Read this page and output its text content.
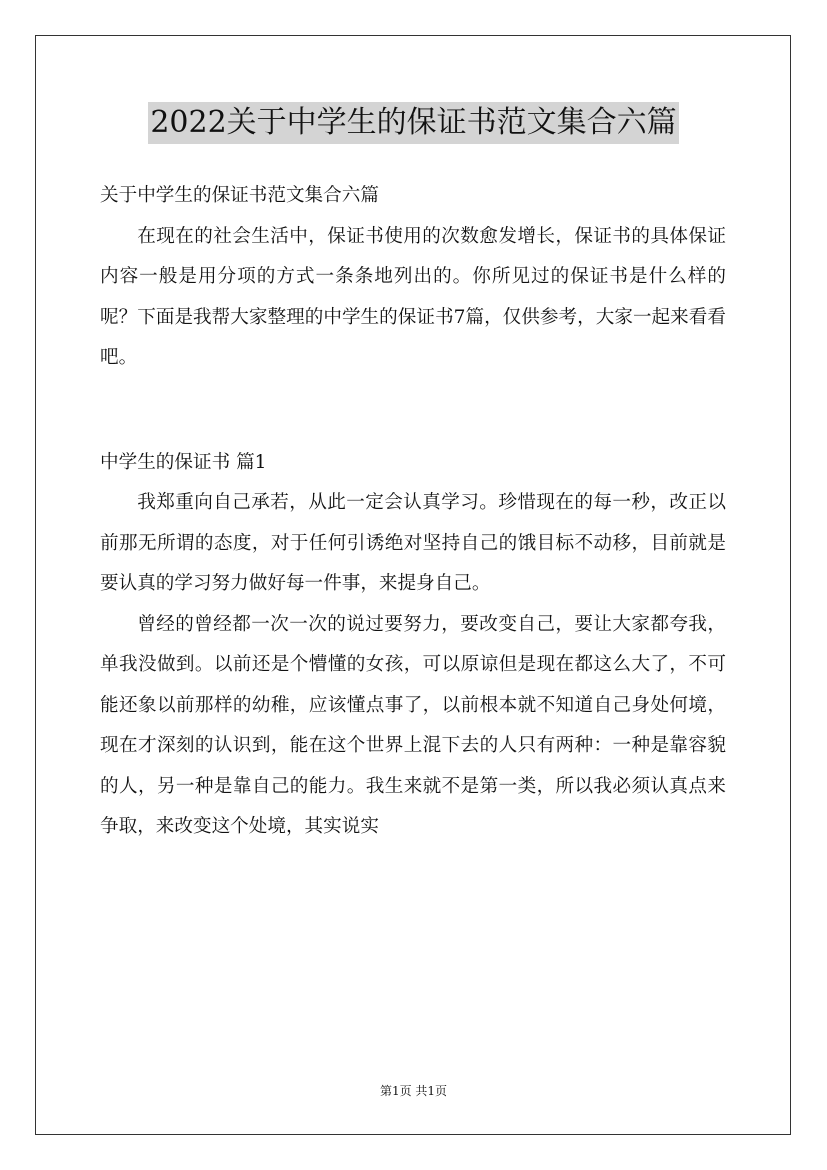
2022关于中学生的保证书范文集合六篇

关于中学生的保证书范文集合六篇

在现在的社会生活中，保证书使用的次数愈发增长，保证书的具体保证内容一般是用分项的方式一条条地列出的。你所见过的保证书是什么样的呢？下面是我帮大家整理的中学生的保证书7篇，仅供参考，大家一起来看看吧。

中学生的保证书 篇1

我郑重向自己承若，从此一定会认真学习。珍惜现在的每一秒，改正以前那无所谓的态度，对于任何引诱绝对坚持自己的饿目标不动移，目前就是要认真的学习努力做好每一件事，来提身自己。

曾经的曾经都一次一次的说过要努力，要改变自己，要让大家都夸我，单我没做到。以前还是个懵懂的女孩，可以原谅但是现在都这么大了，不可能还象以前那样的幼稚，应该懂点事了，以前根本就不知道自己身处何境，现在才深刻的认识到，能在这个世界上混下去的人只有两种：一种是靠容貌的人，另一种是靠自己的能力。我生来就不是第一类，所以我必须认真点来争取，来改变这个处境，其实说实

第1页 共1页
